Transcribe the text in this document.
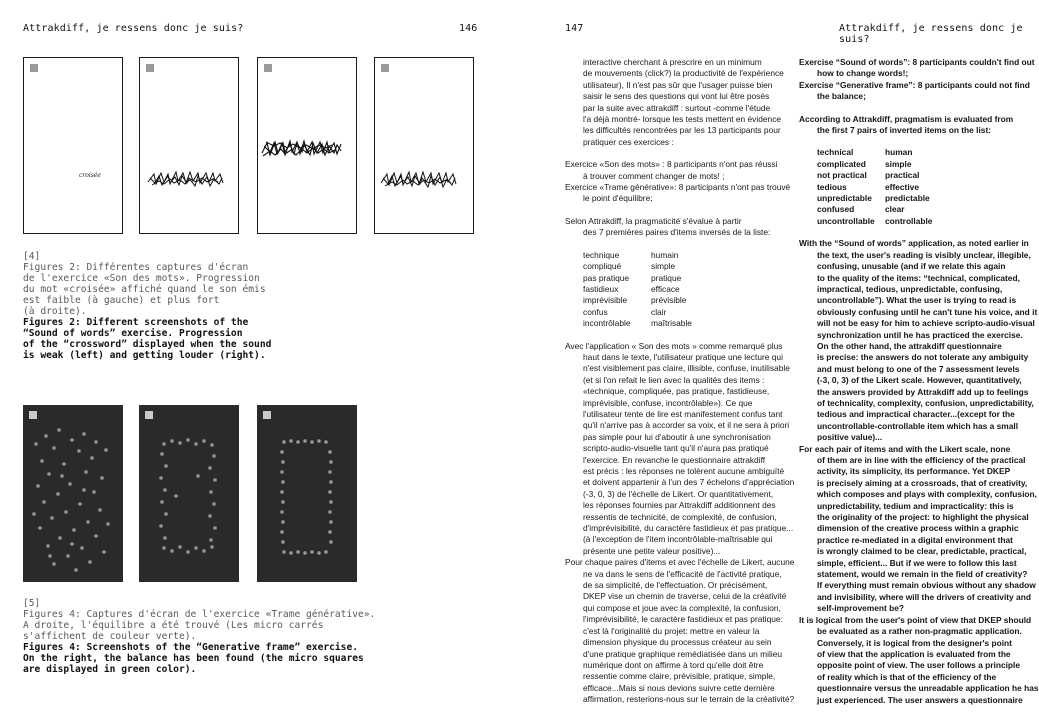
Attrakdiff, je ressens donc je suis?	146	147	Attrakdiff, je ressens donc je suis?
croisée

[4]

Figures 2: Différentes captures d'écran

de l'exercice «Son des mots». Progression

du mot «croisée» affiché quand le son émis

est faible (à gauche) et plus fort

(à droite).

Figures 2: Different screenshots of the

“Sound of words” exercise. Progression

of the “crossword” displayed when the sound

is weak (left) and getting louder (right).

[5]

Figures 4: Captures d'écran de l'exercice «Trame générative».

A droite, l'équilibre a été trouvé (Les micro carrés

s'affichent de couleur verte).

Figures 4: Screenshots of the “Generative frame” exercise.

On the right, the balance has been found (the micro squares

are displayed in green color).

interactive cherchant à prescrire en un minimum
de mouvements (click?) la productivité de l'expérience
utilisateur), Il n'est pas sûr que l'usager puisse bien
saisir le sens des questions qui vont lui être posés
par la suite avec attrakdiff : surtout -comme l'étude
l'a déjà montré- lorsque les tests mettent en évidence
les difficultés rencontrées par les 13 participants pour
pratiquer ces exercices :

Exercice «Son des mots» : 8 participants n'ont pas réussi
à trouver comment changer de mots! ;

Exercice «Trame générative»: 8 participants n'ont pas trouvé
le point d'équilibre;

Selon Attrakdiff, la pragmaticité s'évalue à partir
des 7 premières paires d'items inversés de la liste:

technique	humain
compliqué	simple
pas pratique	pratique
fastidieux	efficace
imprévisible	prévisible
confus	clair
incontrôlable	maîtrisable

Avec l'application « Son des mots » comme remarqué plus
haut dans le texte, l'utilisateur pratique une lecture qui
n'est visiblement pas claire, illisible, confuse, inutilisable
(et si l'on refait le lien avec la qualités des items :
«technique, compliquée, pas pratique, fastidieuse,
imprévisible, confuse, incontrôlable»). Ce que
l'utilisateur tente de lire est manifestement confus tant
qu'il n'arrive pas à accorder sa voix, et il ne sera à priori
pas simple pour lui d'aboutir à une synchronisation
scripto-audio-visuelle tant qu'il n'aura pas pratiqué
l'exercice. En revanche le questionnaire attrakdiff
est précis : les réponses ne tolèrent aucune ambiguïté
et doivent appartenir à l'un des 7 échelons d'appréciation
(-3, 0, 3) de l'échelle de Likert. Or quantitativement,
les réponses fournies par Attrakdiff additionnent des
ressentis de technicité, de complexité, de confusion,
d'imprévisibilité, du caractère fastidieux et pas pratique...
(à l'exception de l'item incontrôlable-maîtrisable qui
présente une petite valeur positive)...

Pour chaque paires d'items et avec l'échelle de Likert, aucune
ne va dans le sens de l'efficacité de l'activité pratique,
de sa simplicité, de l'effectuation. Or précisément,
DKEP vise un chemin de traverse, celui de la créativité
qui compose et joue avec la complexité, la confusion,
l'imprévisibilité, le caractère fastidieux et pas pratique:
c'est là l'originalité du projet: mettre en valeur la
dimension physique du processus créateur au sein
d'une pratique graphique remédiatisée dans un milieu
numérique dont on affirme à tord qu'elle doit être
ressentie comme claire, prévisible, pratique, simple,
efficace...Mais si nous devions suivre cette dernière
affirmation, resterions-nous sur le terrain de la créativité?

Exercise “Sound of words”: 8 participants couldn't find out
how to change words!;

Exercise “Generative frame”: 8 participants could not find
the balance;

According to Attrakdiff, pragmatism is evaluated from
the first 7 pairs of inverted items on the list:

technical	human
complicated	simple
not practical	practical
tedious	effective
unpredictable	predictable
confused	clear
uncontrollable	controllable

With the “Sound of words” application, as noted earlier in
the text, the user's reading is visibly unclear, illegible,
confusing, unusable (and if we relate this again
to the quality of the items: “technical, complicated,
impractical, tedious, unpredictable, confusing,
uncontrollable”). What the user is trying to read is
obviously confusing until he can't tune his voice, and it
will not be easy for him to achieve scripto-audio-visual
synchronization until he has practiced the exercise.
On the other hand, the attrakdiff questionnaire
is precise: the answers do not tolerate any ambiguity
and must belong to one of the 7 assessment levels
(-3, 0, 3) of the Likert scale. However, quantitatively,
the answers provided by Attrakdiff add up to feelings
of technicality, complexity, confusion, unpredictability,
tedious and impractical character...(except for the
uncontrollable-controllable item which has a small
positive value)...

For each pair of items and with the Likert scale, none
of them are in line with the efficiency of the practical
activity, its simplicity, its performance. Yet DKEP
is precisely aiming at a crossroads, that of creativity,
which composes and plays with complexity, confusion,
unpredictability, tedium and impracticality: this is
the originality of the project: to highlight the physical
dimension of the creative process within a graphic
practice re-mediated in a digital environment that
is wrongly claimed to be clear, predictable, practical,
simple, efficient... But if we were to follow this last
statement, would we remain in the field of creativity?
If everything must remain obvious without any shadow
and invisibility, where will the drivers of creativity and
self-improvement be?

It is logical from the user's point of view that DKEP should
be evaluated as a rather non-pragmatic application.
Conversely, it is logical from the designer's point
of view that the application is evaluated from the
opposite point of view. The user follows a principle
of reality which is that of the efficiency of the
questionnaire versus the unreadable application he has
just experienced. The user answers a questionnaire
